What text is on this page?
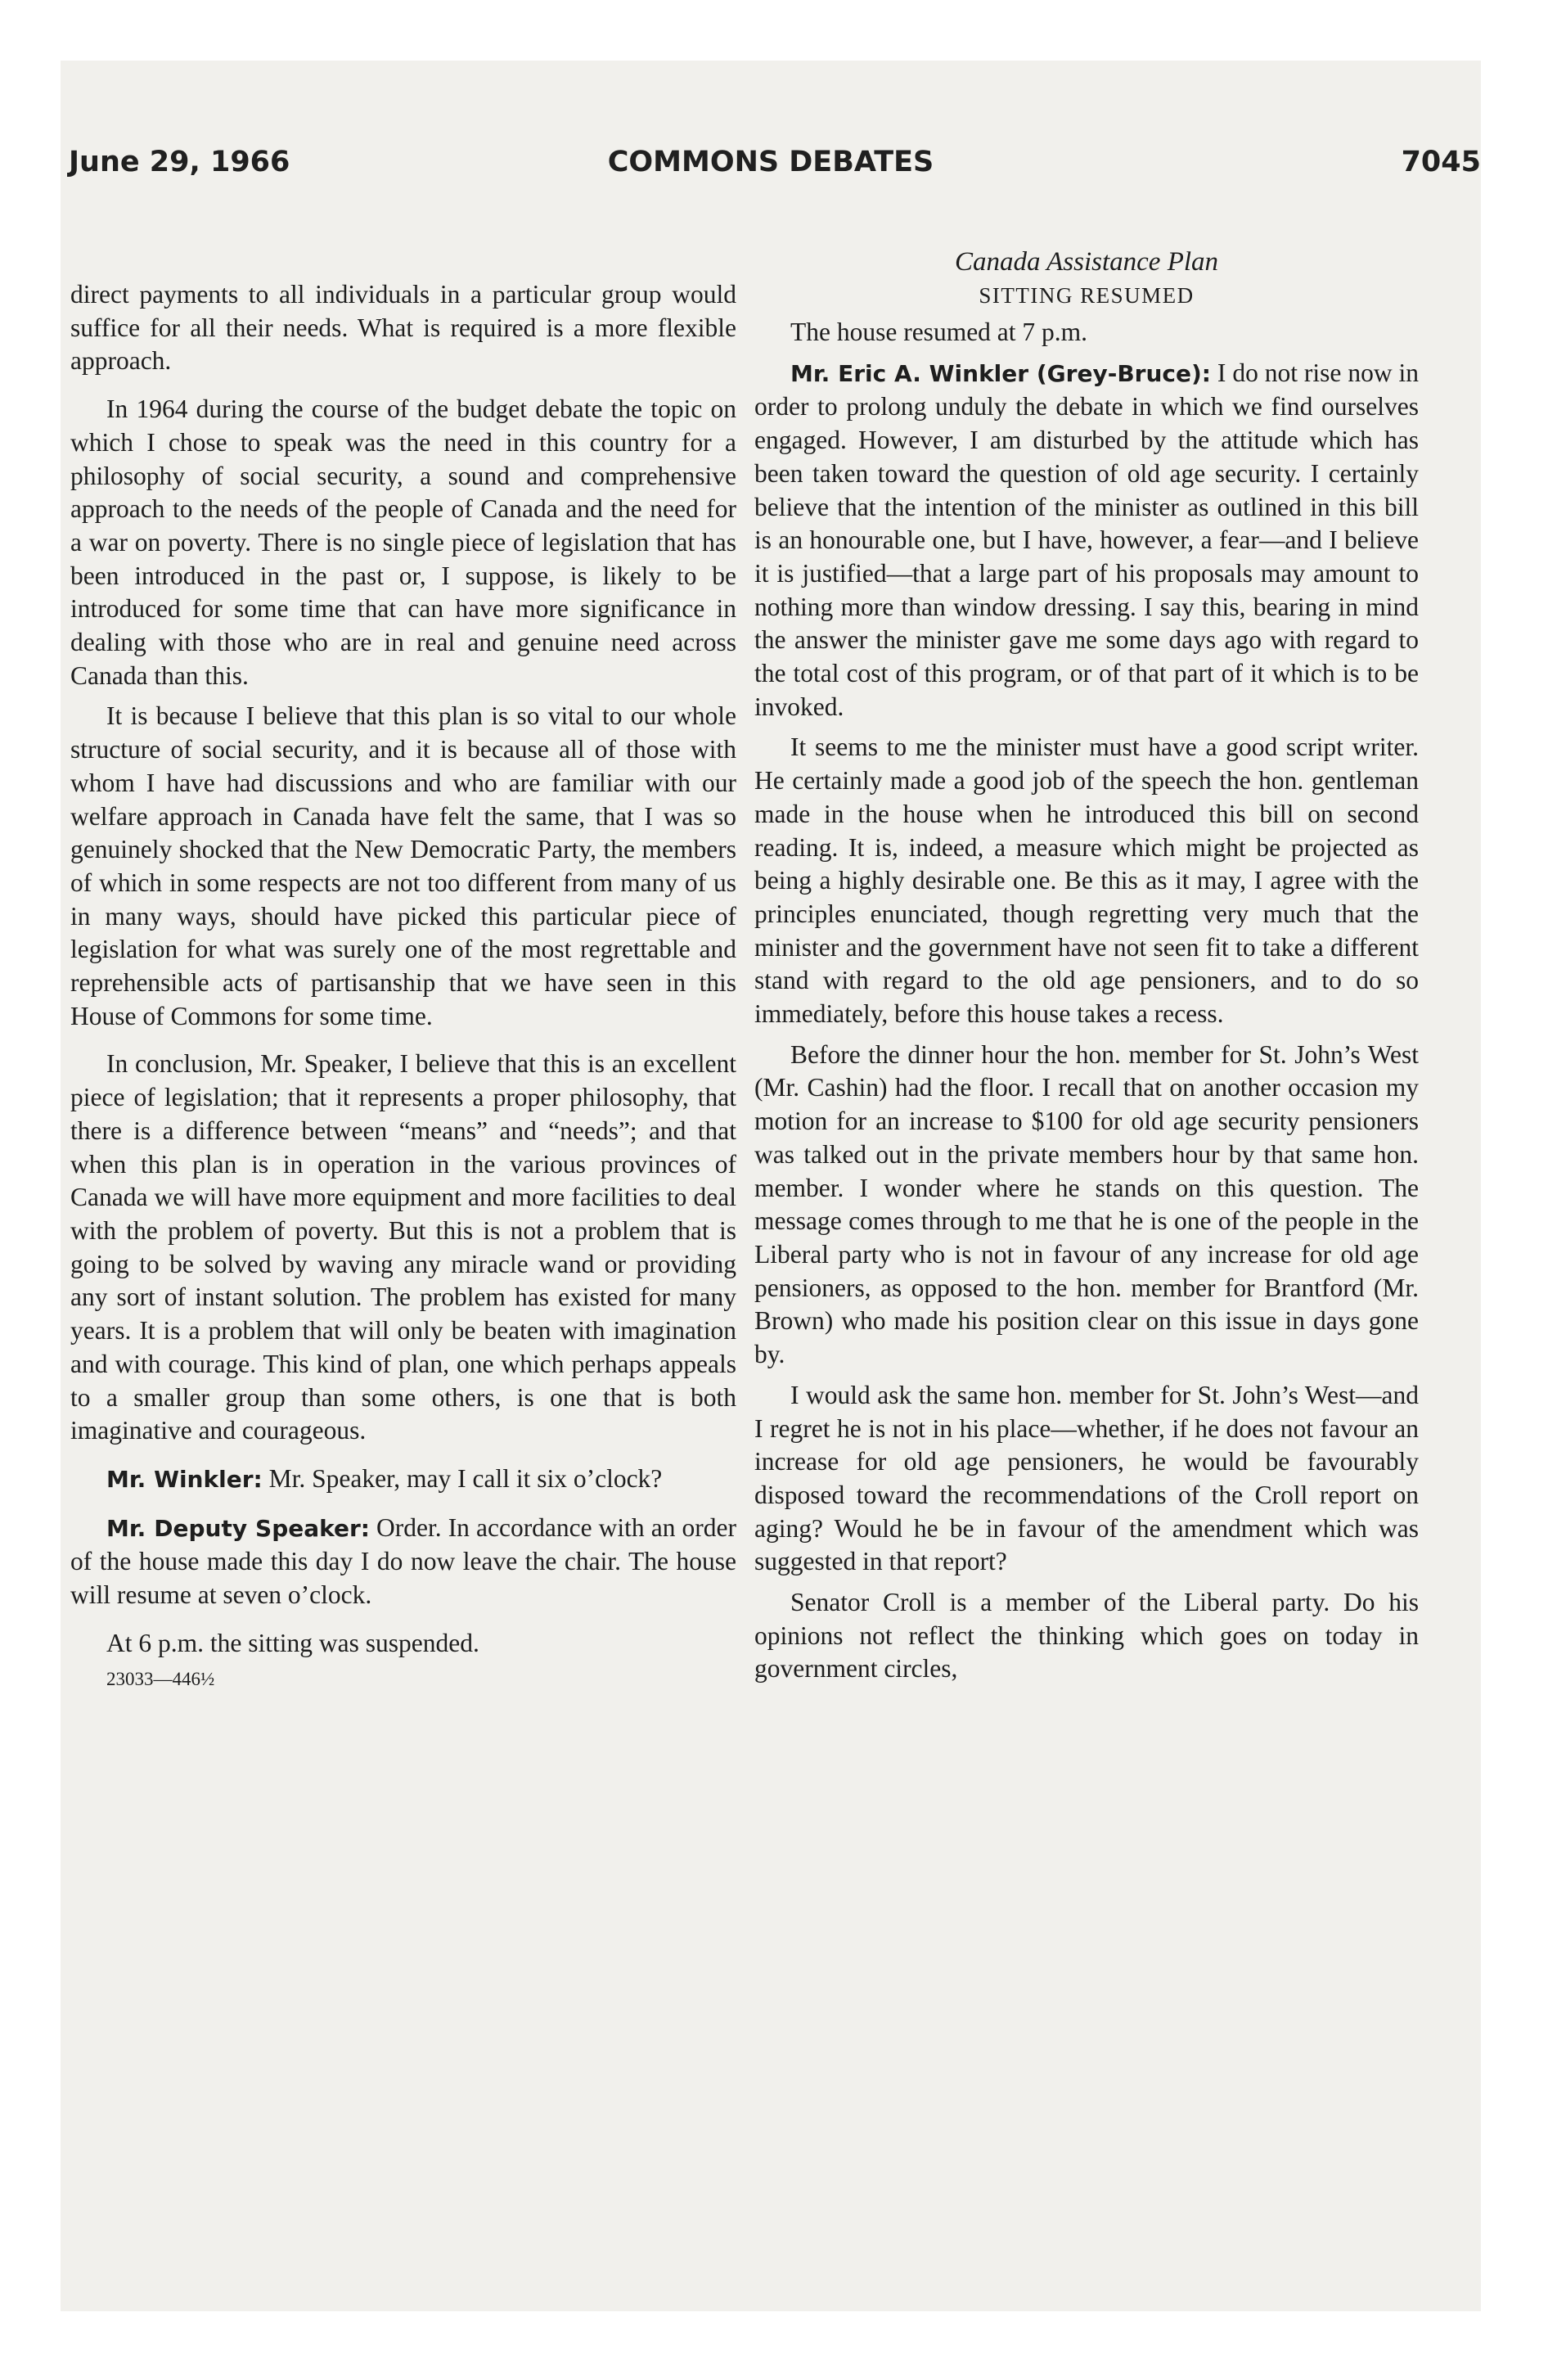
June 29, 1966	COMMONS DEBATES	7045

direct payments to all individuals in a particular group would suffice for all their needs. What is required is a more flexible approach.

In 1964 during the course of the budget debate the topic on which I chose to speak was the need in this country for a philosophy of social security, a sound and comprehensive approach to the needs of the people of Canada and the need for a war on poverty. There is no single piece of legislation that has been introduced in the past or, I suppose, is likely to be introduced for some time that can have more significance in dealing with those who are in real and genuine need across Canada than this.

It is because I believe that this plan is so vital to our whole structure of social security, and it is because all of those with whom I have had discussions and who are familiar with our welfare approach in Canada have felt the same, that I was so genuinely shocked that the New Democratic Party, the members of which in some respects are not too different from many of us in many ways, should have picked this particular piece of legislation for what was surely one of the most regrettable and reprehensible acts of partisanship that we have seen in this House of Commons for some time.

In conclusion, Mr. Speaker, I believe that this is an excellent piece of legislation; that it represents a proper philosophy, that there is a difference between “means” and “needs”; and that when this plan is in operation in the various provinces of Canada we will have more equipment and more facilities to deal with the problem of poverty. But this is not a problem that is going to be solved by waving any miracle wand or providing any sort of instant solution. The problem has existed for many years. It is a problem that will only be beaten with imagination and with courage. This kind of plan, one which perhaps appeals to a smaller group than some others, is one that is both imaginative and courageous.

Mr. Winkler: Mr. Speaker, may I call it six o’clock?

Mr. Deputy Speaker: Order. In accordance with an order of the house made this day I do now leave the chair. The house will resume at seven o’clock.

At 6 p.m. the sitting was suspended.

23033—446½

Canada Assistance Plan
SITTING RESUMED

The house resumed at 7 p.m.

Mr. Eric A. Winkler (Grey-Bruce): I do not rise now in order to prolong unduly the debate in which we find ourselves engaged. However, I am disturbed by the attitude which has been taken toward the question of old age security. I certainly believe that the intention of the minister as outlined in this bill is an honourable one, but I have, however, a fear—and I believe it is justified—that a large part of his proposals may amount to nothing more than window dressing. I say this, bearing in mind the answer the minister gave me some days ago with regard to the total cost of this program, or of that part of it which is to be invoked.

It seems to me the minister must have a good script writer. He certainly made a good job of the speech the hon. gentleman made in the house when he introduced this bill on second reading. It is, indeed, a measure which might be projected as being a highly desirable one. Be this as it may, I agree with the principles enunciated, though regretting very much that the minister and the government have not seen fit to take a different stand with regard to the old age pensioners, and to do so immediately, before this house takes a recess.

Before the dinner hour the hon. member for St. John’s West (Mr. Cashin) had the floor. I recall that on another occasion my motion for an increase to $100 for old age security pensioners was talked out in the private members hour by that same hon. member. I wonder where he stands on this question. The message comes through to me that he is one of the people in the Liberal party who is not in favour of any increase for old age pensioners, as opposed to the hon. member for Brantford (Mr. Brown) who made his position clear on this issue in days gone by.

I would ask the same hon. member for St. John’s West—and I regret he is not in his place—whether, if he does not favour an increase for old age pensioners, he would be favourably disposed toward the recommendations of the Croll report on aging? Would he be in favour of the amendment which was suggested in that report?

Senator Croll is a member of the Liberal party. Do his opinions not reflect the thinking which goes on today in government circles,
